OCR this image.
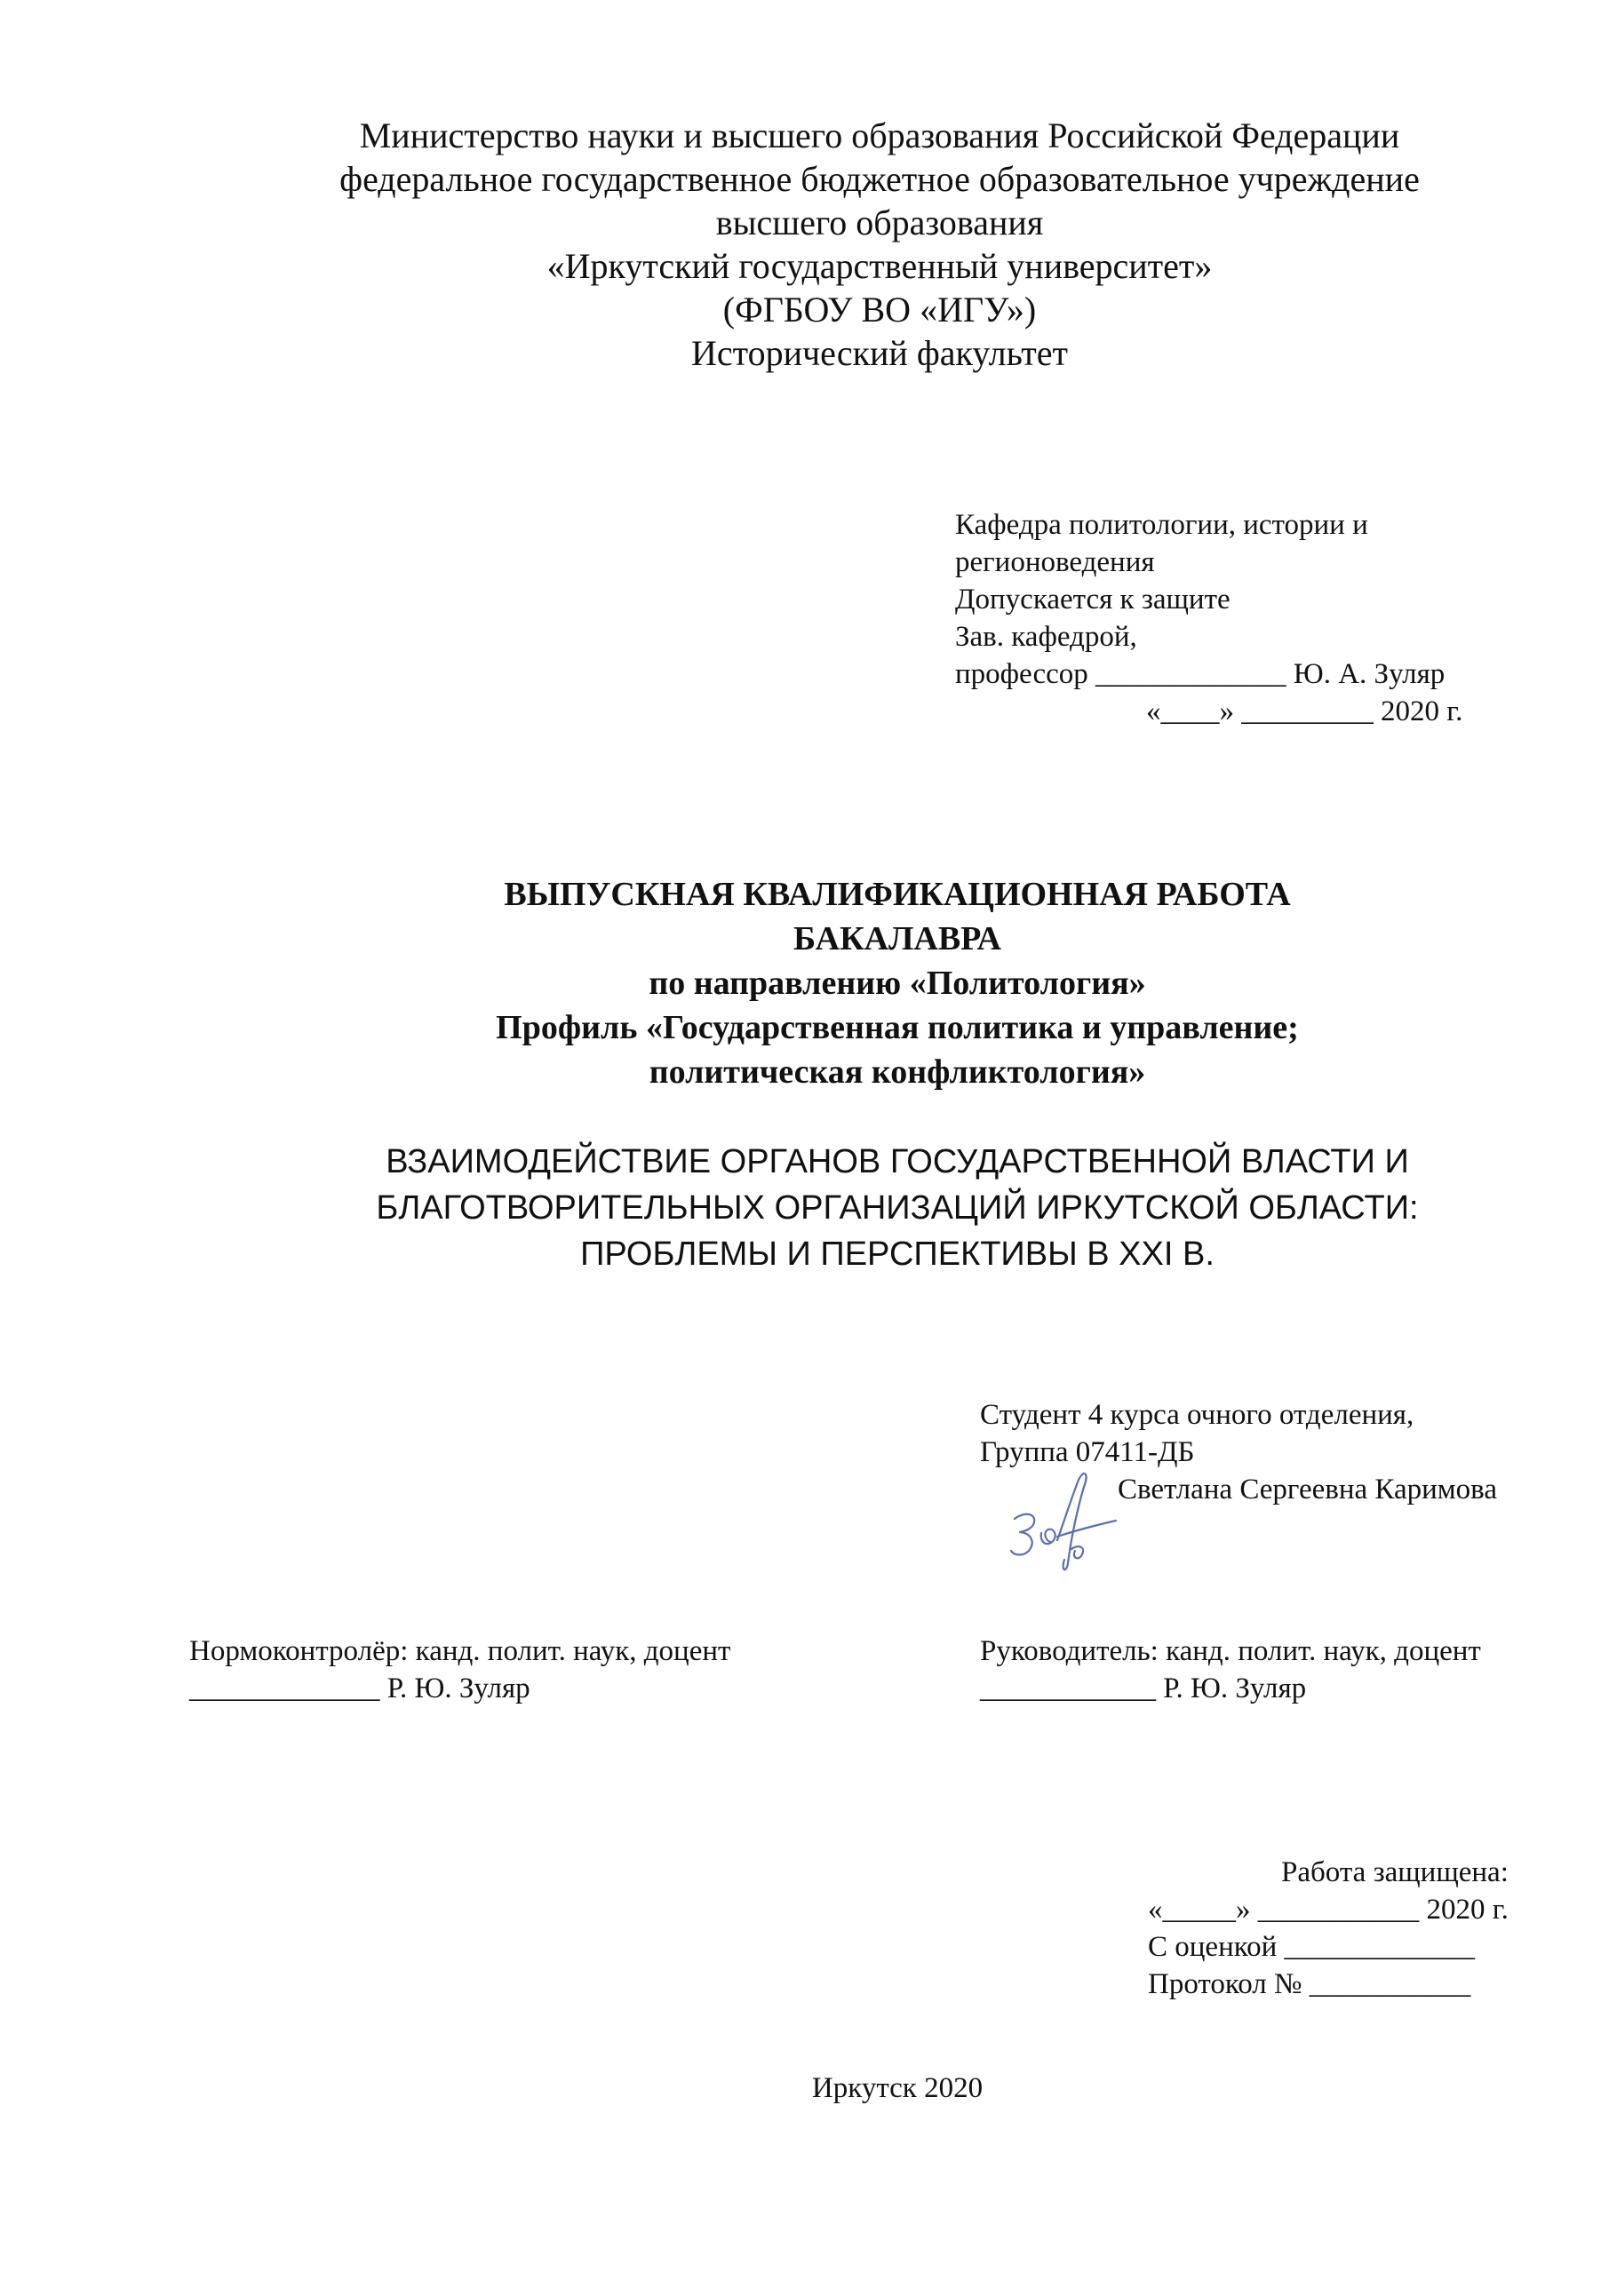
Министерство науки и высшего образования Российской Федерации
федеральное государственное бюджетное образовательное учреждение
высшего образования
«Иркутский государственный университет»
(ФГБОУ ВО «ИГУ»)
Исторический факультет
Кафедра политологии, истории и
регионоведения
Допускается к защите
Зав. кафедрой,
профессор _____________ Ю. А. Зуляр
«____» _________ 2020 г.
ВЫПУСКНАЯ КВАЛИФИКАЦИОННАЯ РАБОТА
БАКАЛАВРА
по направлению «Политология»
Профиль «Государственная политика и управление;
политическая конфликтология»
ВЗАИМОДЕЙСТВИЕ ОРГАНОВ ГОСУДАРСТВЕННОЙ ВЛАСТИ И
БЛАГОТВОРИТЕЛЬНЫХ ОРГАНИЗАЦИЙ ИРКУТСКОЙ ОБЛАСТИ:
ПРОБЛЕМЫ И ПЕРСПЕКТИВЫ В XXI В.
Студент 4 курса очного отделения,
Группа 07411-ДБ
Светлана Сергеевна Каримова
Нормоконтролёр: канд. полит. наук, доцент
_____________ Р. Ю. Зуляр
Руководитель: канд. полит. наук, доцент
____________ Р. Ю. Зуляр
Работа защищена:
«_____» ___________ 2020 г.
С оценкой _____________
Протокол № ___________
Иркутск 2020
